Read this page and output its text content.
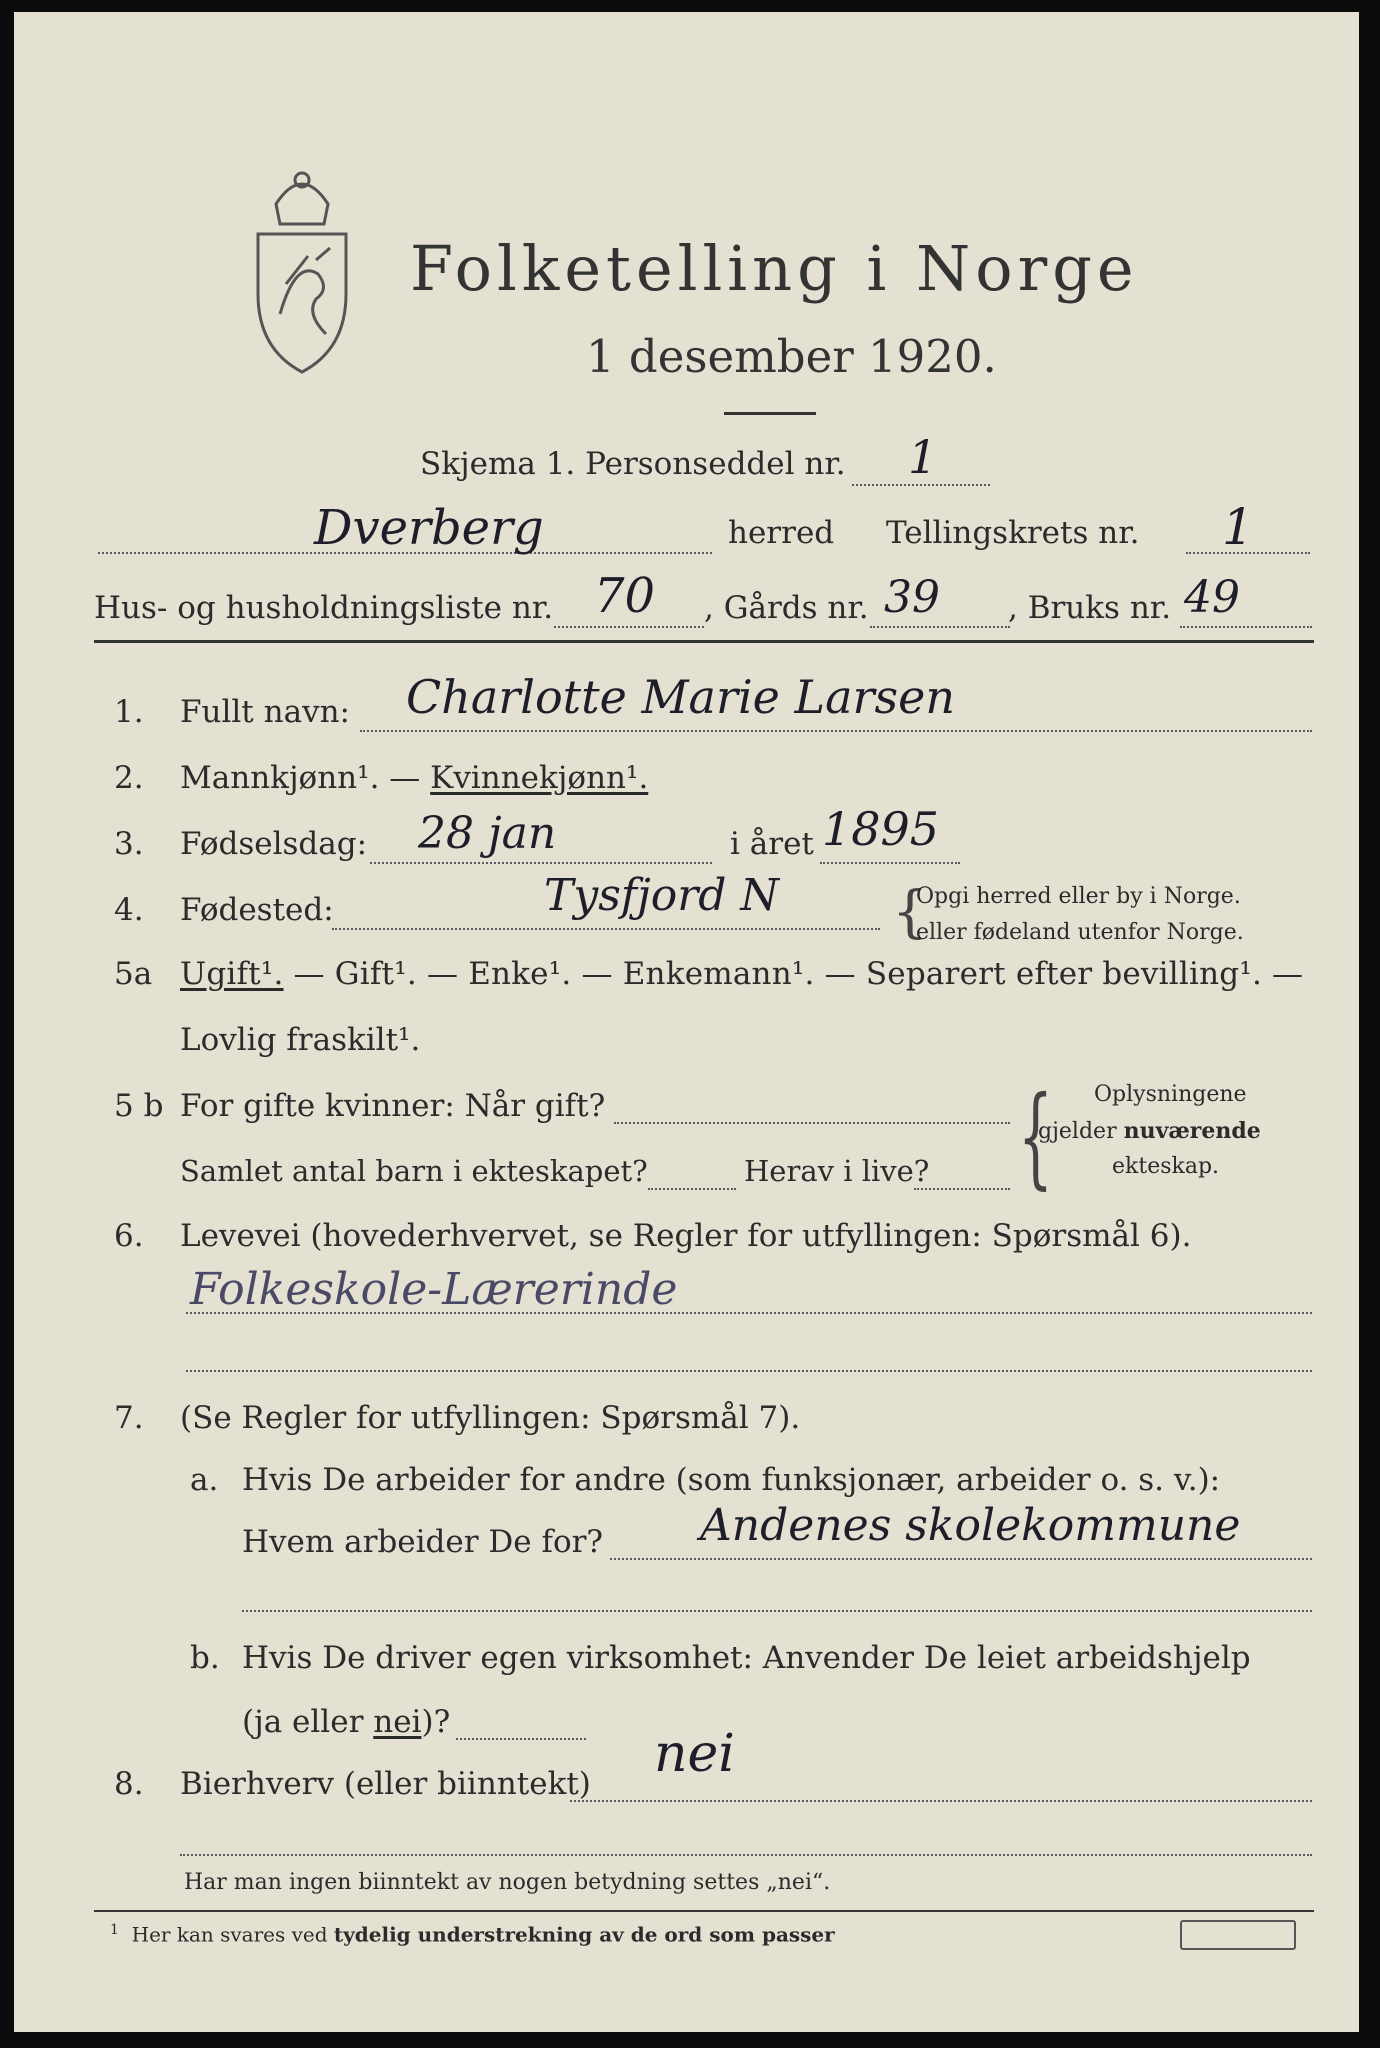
Folketelling i Norge
1 desember 1920.
Skjema 1. Personseddel nr. 1
Dverberg	herred Tellingskrets nr. 1
Hus- og husholdningsliste nr. 70 , Gårds nr. 39 , Bruks nr. 49
1. Fullt navn: Charlotte Marie Larsen
2. Mannkjønn¹. — Kvinnekjønn¹.
3. Fødselsdag: 28 jan	i året 1895
4. Fødested:	Tysfjord N {
Opgi herred eller by i Norge.
eller fødeland utenfor Norge.
5a Ugift¹. — Gift¹. — Enke¹. — Enkemann¹. — Separert efter bevilling¹. —
Lovlig fraskilt¹.
5 b For gifte kvinner: Når gift?
Samlet antal barn i ekteskapet?	Herav i live? { Oplysningene
gjelder nuværende
ekteskap.
6. Levevei (hovederhvervet, se Regler for utfyllingen: Spørsmål 6).
Folkeskole-Lærerinde
7. (Se Regler for utfyllingen: Spørsmål 7).
a. Hvis De arbeider for andre (som funksjonær, arbeider o. s. v.):
Hvem arbeider De for? Andenes skolekommune
b. Hvis De driver egen virksomhet: Anvender De leiet arbeidshjelp
(ja eller nei)?
8. Bierhverv (eller biinntekt) nei
Har man ingen biinntekt av nogen betydning settes „nei“.
$^1$ Her kan svares ved tydelig understrekning av de ord som passer
